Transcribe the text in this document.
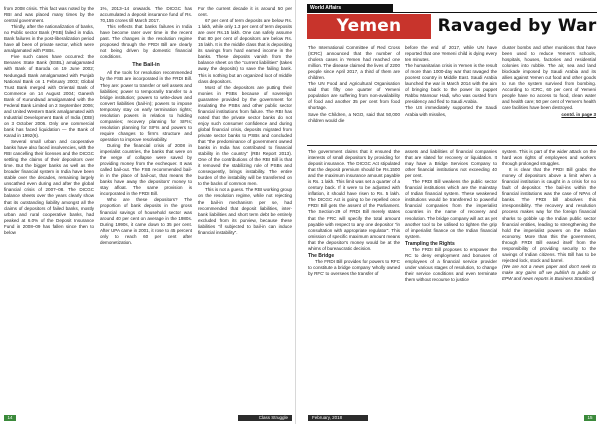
from 2008 crisis. This fact was noted by the RBI and was placed many times by the central government.

Thirdly, after the nationalization of banks, no Public sector Bank (PSB) failed in India. Bank failures in the post-liberalization period have all been of private sector, which were amalgamated with PSBs.

Five such cases have occurred: the Benares State Bank (BSBL) amalgamated with Bank of Baroda on 19 June 2002; Nedungadi Bank amalgamated with Punjab National Bank on 1 February 2003; Global Trust Bank merged with Oriental Bank of Commerce on 14 August 2004; Ganesh Bank of Kurundwad amalgamated with the Federal Bank Limited on 2 September 2006; and United Western Bank amalgamated with Industrial Development Bank of India (IDBI) on 3 October 2006. Only one commercial bank has faced liquidation — the Bank of Karad in 1992(6).

Several small urban and cooperative banks have also faced insolvencies, with the RBI cancelling their licenses and the DICGC settling the claims of their depositors over time. But the bigger banks as well as the broader financial system in India have been stable over the decades, remaining largely unscathed even during and after the global financial crisis of 2007–08. The DICGC balance sheets over the years clearly show that its outstanding liability amongst all the claims of depositors of failed banks, mostly urban and rural cooperative banks, had peaked at 6.0% of the Deposit Insurance Fund in 2008–09 has fallen since then to below

1%, 2013–14 onwards. The DICGC has accumulated a deposit insurance fund of Rs. 70,155 crores till March 2017.

This reflects that banks failures in India have become rarer over time in the recent past. The changes in the resolution regime proposed through the FRDI Bill are clearly not being driven by domestic financial conditions.

The Bail-in

All the tools for resolution recommended by the FSB are incorporated in the FRDI Bill. They are: power to transfer or sell assets and liabilities; power to temporarily transfer to a bridge institution; powers to write-down and convert liabilities (bail-in); powers to impose temporary stay on early termination rights; resolution powers in relation to holding companies; recovery planning for SIFIs; resolution planning for SIFIs and powers to require changes to firm's structure and operation to improve resolvability.

During the financial crisis of 2008 in imperialist countries, the banks that were on the verge of collapse were saved by providing money from the exchequer. It was called bail-out. The FSB recommended bail-in in the place of bail-out, that means the banks have away the depositors' money to stay afloat. The same provision is incorporated in the FRDI Bill.

Who are these depositors? The proportion of bank deposits in the gross financial savings of household sector was around 40 per cent on average in the 1980s. During 1990s, it came down to 35 per cent. After UPA came in 2001, it rose to 45 percent only to reach 60 per cent after demonetization.

For the current decade it is around 50 per cent.

67 per cent of term deposits are below Rs. 1 lakh, while only 1.3 per cent of term deposits are over Rs.15 lakh. One can safely assume that 80 per cent of depositors are below Rs. 15 lakh. It is the middle class that is depositing its savings from hard earned income in the banks. These deposits vanish from the balance sheet on the "current liabilities" (takes away the deposits) to save the failing bank. This is nothing but an organized loot of middle class depositors.

Most of the depositors are putting their monies in PSBs because of sovereign guarantee provided by the government for insulating the PSBs and other public sector financial institutions from failure. The RBI has noted that the private sector banks do not enjoy such consumer confidence and during global financial crisis, deposits migrated from private sector banks to PSBs and concluded that "the predominance of government owned banks in India has contributed to financial stability in the country" (RBI Report 2013). One of the contributions of the RBI Bill is that it removed the stabilizing role of PSBs and consequently, brings instability. The entire burden of the instability will be transferred on to the backs of common men.

This is not a guess. The RBI working group on the resolution regime, while not rejecting the bail-in mechanism per se, had recommended that deposit liabilities, inter-bank liabilities and short term debt be entirely excluded from its purview, because these liabilities "if subjected to bail-in can induce financial instability".

14	Class Struggle
World Affairs
Yemen	Ravaged by War

The International Committee of Red Cross (ICRC) announced that the number of cholera cases in Yemen had reached one million. The disease claimed the lives of 2200 people since April 2017, a third of them are children.

The UN Food and Agricultural Organisation said that fifty one quarter of Yemeni population are suffering from non-availability of food and another 35 per cent from food shortage.

Save the Children, a NGO, said that 50,000 children would die

before the end of 2017, while UN have reported that one Yemeni child is dying every ten minutes.

The humanitarian crisis in Yemen is the result of more than 1000-day war that ravaged the poorest country in Middle East. Saudi Arabia launched the war in March 2014 with the aim of bringing back to the power its puppet Rabbu Mansour Hadi, who was ousted from presidency and fled to Saudi Arabia.

The US immediately supported the Saudi Arabia with missiles,

cluster bombs and other munitions that have been used to reduce Yemen's schools, hospitals, houses, factories and residential colonies into rubble. The air, sea and land blockade imposed by Saudi Arabia and its allies against Yemen cut food and other goods to run the system survived from bombing. According to ICRC, 60 per cent of Yemeni people have no access to food, clean water and health care; 50 per cent of Yemen's health care facilities have been destroyed.

contd. in page 3

The government claims that it ensured the interests of small depositors by providing for deposit insurance. The DICGC Act stipulated that the deposit premium should be Rs.1500 and the maximum insurance amount payable is Rs. 1 lakh. This limit was set a quarter of a century back. If it were to be adjusted with inflation, it should have risen to Rs. 5 lakh. The DICGC Act is going to be repelled once FRDI Bill gets the assent of the Parliament. The Section-29 of FRDI Bill merely states that the FRC will specify the total amount payable with respect to any one depositor "in consultation with appropriate regulator". This omission of specific maximum amount means that the depositor's money would be at the whims of bureaucratic decision.

The Bridge

The FRDI Bill provides for powers to RFC to constitute a bridge company 'wholly owned by RFC' to oversees the transfer of

assets and liabilities of financial companies that are slated for recovery or liquidation. It may have a Bridge Services Company to other financial institutions not exceeding 40 per cent.

The FRDI Bill weakens the public sector financial institutions which are the mainstay of Indian financial system. These weakened institutions would be transferred to powerful financial companies from the imperialist countries in the name of recovery and resolution. The bridge company will act as yet another tool to be utilised to tighten the grip of imperialist finance on the Indian financial system.

Trampling the Rights

The FRDI Bill proposes to empower the RC to deny employment and bonuses of employees of a financial service provider under various stages of resolution, to change their service conditions and even terminate them without recourse to justice

system. This is part of the wider attack on the hard won rights of employees and workers through prolonged struggles.

It is clear that the FRDI Bill grabs the money of depositors above a limit when a financial institution is caught in a crisis for no fault of depositor. The bail-ins within the financial institutions was the case of NPAs of banks. The FRDI bill absolves this irresponsibility. The recovery and resolution process makes way for the foreign financial sharks to gobble up the Indian public sector financial entities, leading to strengthening the hold the imperialist powers on the Indian economy. More than this the government, through FRDI Bill eased itself from the responsibility of providing security to the savings of Indian citizens. This Bill has to be rejected lock, stock and barrel.

(We are not a news paper and don't seek to make any gains off we publish to public or EPW and news reports in Business Standard)

February, 2018	15
